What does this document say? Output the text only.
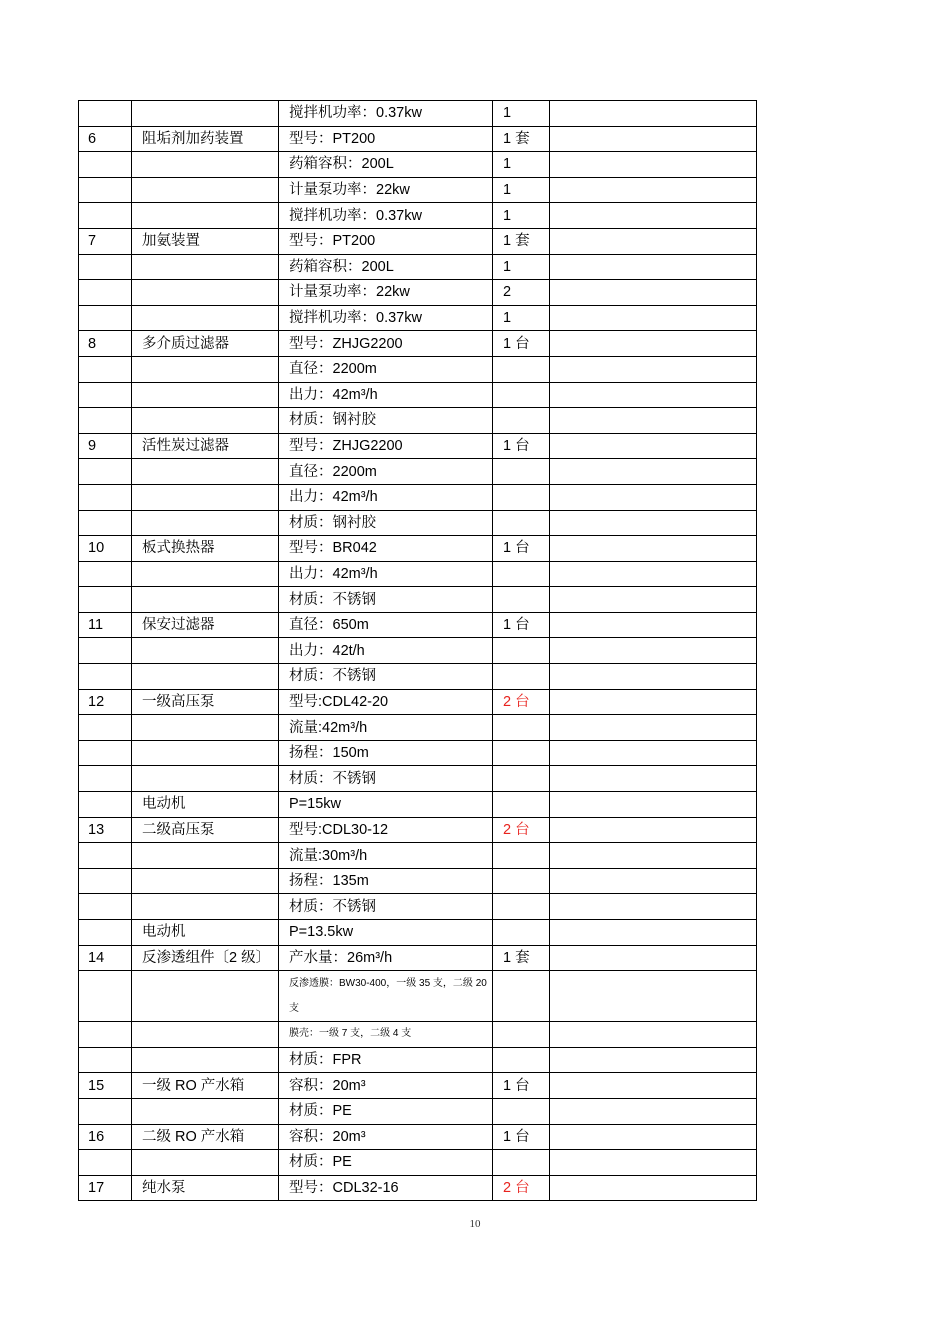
		搅拌机功率：0.37kw	1	
6	阻垢剂加药装置	型号：PT200	1 套	
		药箱容积：200L	1	
		计量泵功率：22kw	1	
		搅拌机功率：0.37kw	1	
7	加氨装置	型号：PT200	1 套	
		药箱容积：200L	1	
		计量泵功率：22kw	2	
		搅拌机功率：0.37kw	1	
8	多介质过滤器	型号：ZHJG2200	1 台	
		直径：2200m		
		出力：42m³/h		
		材质：钢衬胶		
9	活性炭过滤器	型号：ZHJG2200	1 台	
		直径：2200m		
		出力：42m³/h		
		材质：钢衬胶		
10	板式换热器	型号：BR042	1 台	
		出力：42m³/h		
		材质：不锈钢		
11	保安过滤器	直径：650m	1 台	
		出力：42t/h		
		材质：不锈钢		
12	一级高压泵	型号:CDL42-20	2 台	
		流量:42m³/h		
		扬程：150m		
		材质：不锈钢		
	电动机	P=15kw		
13	二级高压泵	型号:CDL30-12	2 台	
		流量:30m³/h		
		扬程：135m		
		材质：不锈钢		
	电动机	P=13.5kw		
14	反渗透组件〔2 级〕	产水量：26m³/h	1 套	
		反渗透膜：BW30-400，一级 35 支，二级 20 支		
		膜壳：一级 7 支，二级 4 支		
		材质：FPR		
15	一级 RO 产水箱	容积：20m³	1 台	
		材质：PE		
16	二级 RO 产水箱	容积：20m³	1 台	
		材质：PE		
17	纯水泵	型号：CDL32-16	2 台	
10
